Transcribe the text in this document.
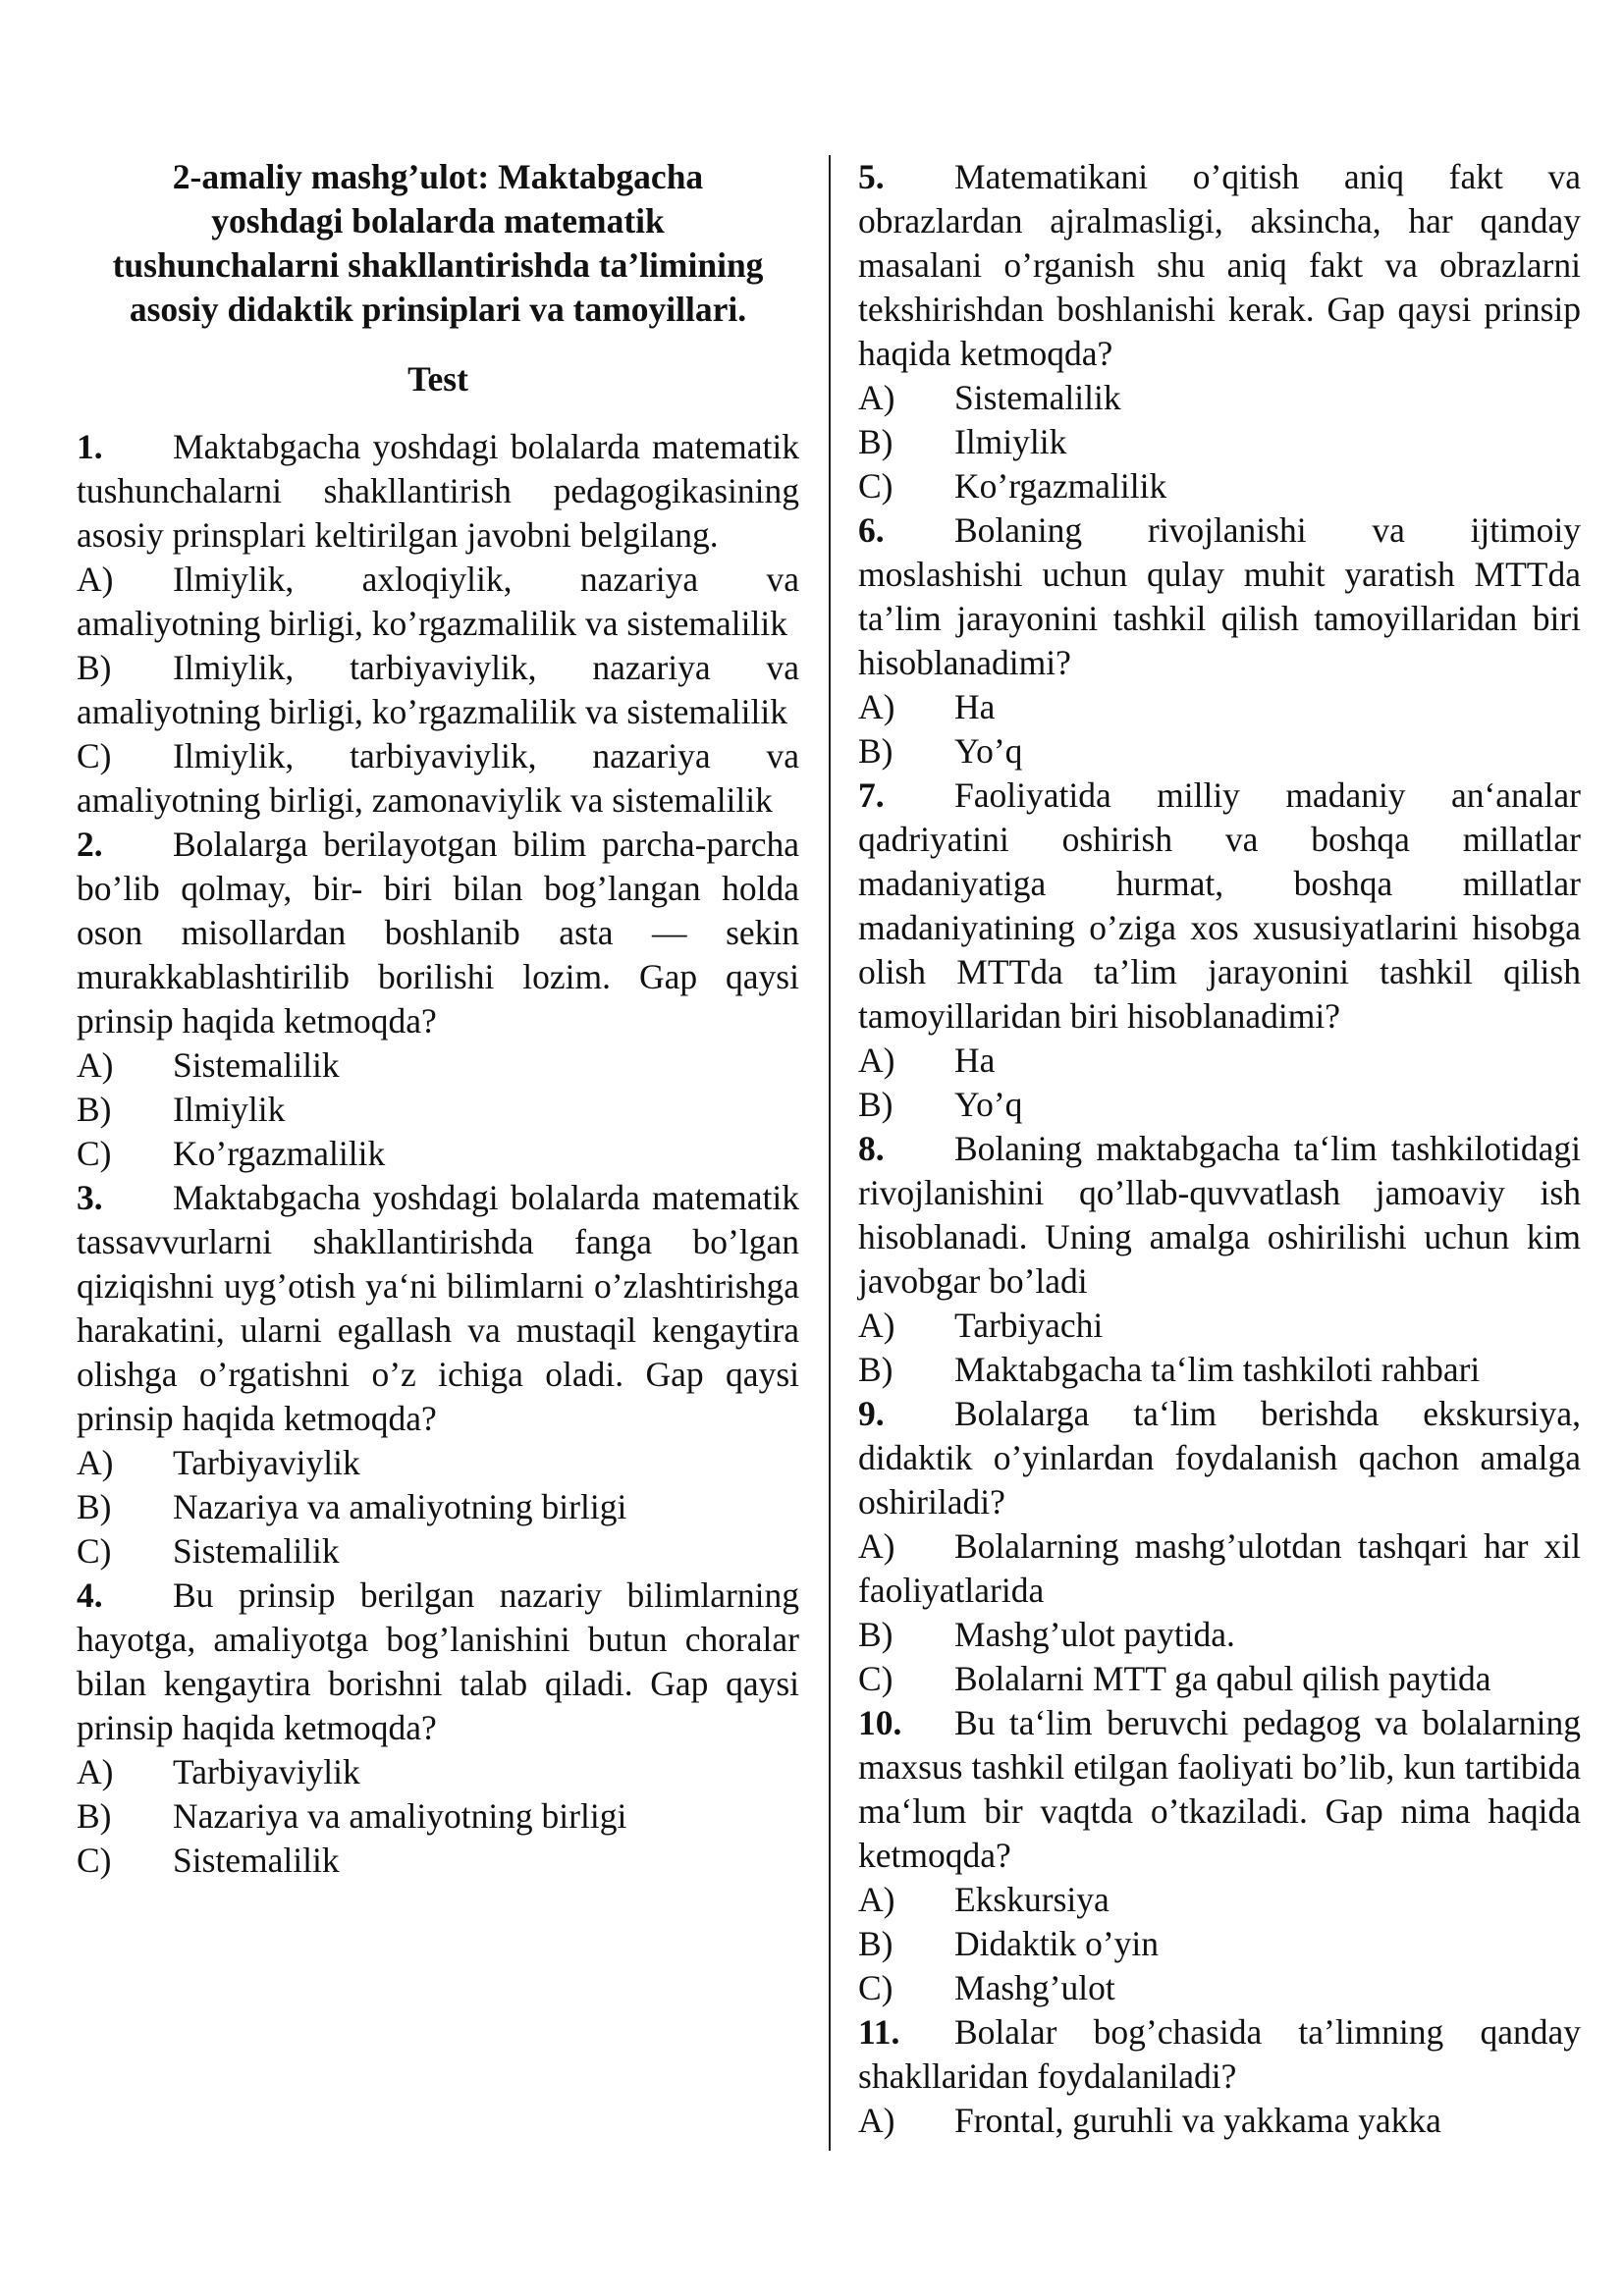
2-amaliy mashg’ulot: Maktabgacha
yoshdagi bolalarda matematik
tushunchalarni shakllantirishda ta’limining
asosiy didaktik prinsiplari va tamoyillari.
Test

1. Maktabgacha yoshdagi bolalarda matematik tushunchalarni shakllantirish pedagogikasining asosiy prinsplari keltirilgan javobni belgilang.

A) Ilmiylik, axloqiylik, nazariya va amaliyotning birligi, ko’rgazmalilik va sistemalilik

B) Ilmiylik, tarbiyaviylik, nazariya va amaliyotning birligi, ko’rgazmalilik va sistemalilik

C) Ilmiylik, tarbiyaviylik, nazariya va amaliyotning birligi, zamonaviylik va sistemalilik

2. Bolalarga berilayotgan bilim parcha-parcha bo’lib qolmay, bir- biri bilan bog’langan holda oson misollardan boshlanib asta — sekin murakkablashtirilib borilishi lozim. Gap qaysi prinsip haqida ketmoqda?

A) Sistemalilik

B) Ilmiylik

C) Ko’rgazmalilik

3. Maktabgacha yoshdagi bolalarda matematik tassavvurlarni shakllantirishda fanga bo’lgan qiziqishni uyg’otish ya‘ni bilimlarni o’zlashtirishga harakatini, ularni egallash va mustaqil kengaytira olishga o’rgatishni o’z ichiga oladi. Gap qaysi prinsip haqida ketmoqda?

A) Tarbiyaviylik

B) Nazariya va amaliyotning birligi

C) Sistemalilik

4. Bu prinsip berilgan nazariy bilimlarning hayotga, amaliyotga bog’lanishini butun choralar bilan kengaytira borishni talab qiladi. Gap qaysi prinsip haqida ketmoqda?

A) Tarbiyaviylik

B) Nazariya va amaliyotning birligi

C) Sistemalilik

5. Matematikani o’qitish aniq fakt va obrazlardan ajralmasligi, aksincha, har qanday masalani o’rganish shu aniq fakt va obrazlarni tekshirishdan boshlanishi kerak. Gap qaysi prinsip haqida ketmoqda?

A) Sistemalilik

B) Ilmiylik

C) Ko’rgazmalilik

6. Bolaning rivojlanishi va ijtimoiy moslashishi uchun qulay muhit yaratish MTTda ta’lim jarayonini tashkil qilish tamoyillaridan biri hisoblanadimi?

A) Ha

B) Yo’q

7. Faoliyatida milliy madaniy an‘analar qadriyatini oshirish va boshqa millatlar madaniyatiga hurmat, boshqa millatlar madaniyatining o’ziga xos xususiyatlarini hisobga olish MTTda ta’lim jarayonini tashkil qilish tamoyillaridan biri hisoblanadimi?

A) Ha

B) Yo’q

8. Bolaning maktabgacha ta‘lim tashkilotidagi rivojlanishini qo’llab-quvvatlash jamoaviy ish hisoblanadi. Uning amalga oshirilishi uchun kim javobgar bo’ladi

A) Tarbiyachi

B) Maktabgacha ta‘lim tashkiloti rahbari

9. Bolalarga ta‘lim berishda ekskursiya, didaktik o’yinlardan foydalanish qachon amalga oshiriladi?

A) Bolalarning mashg’ulotdan tashqari har xil faoliyatlarida

B) Mashg’ulot paytida.

C) Bolalarni MTT ga qabul qilish paytida

10. Bu ta‘lim beruvchi pedagog va bolalarning maxsus tashkil etilgan faoliyati bo’lib, kun tartibida ma‘lum bir vaqtda o’tkaziladi. Gap nima haqida ketmoqda?

A) Ekskursiya

B) Didaktik o’yin

C) Mashg’ulot

11. Bolalar bog’chasida ta’limning qanday shakllaridan foydalaniladi?

A) Frontal, guruhli va yakkama yakka
